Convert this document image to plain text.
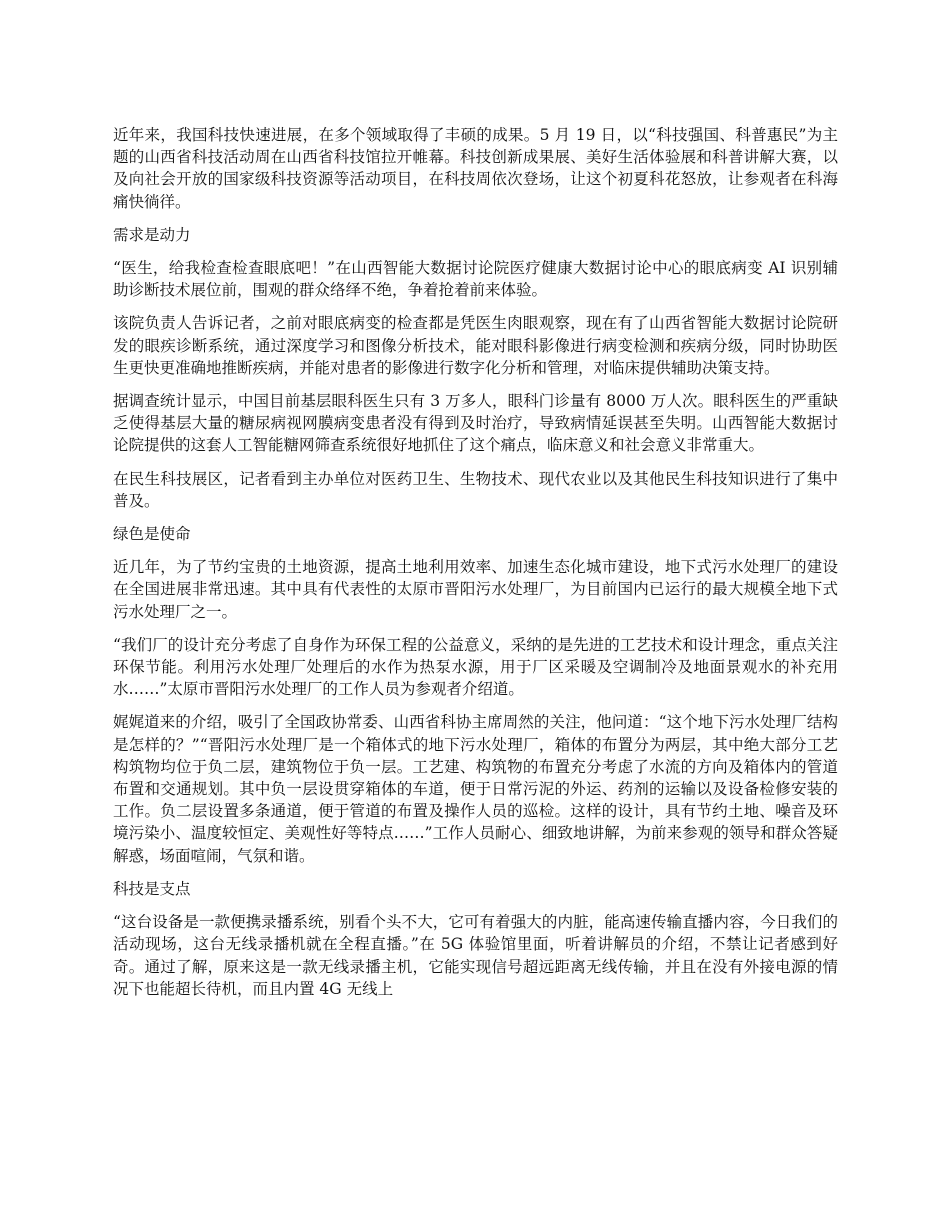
近年来，我国科技快速进展，在多个领域取得了丰硕的成果。5 月 19 日，以“科技强国、科普惠民”为主题的山西省科技活动周在山西省科技馆拉开帷幕。科技创新成果展、美好生活体验展和科普讲解大赛，以及向社会开放的国家级科技资源等活动项目，在科技周依次登场，让这个初夏科花怒放，让参观者在科海痛快徜徉。

需求是动力

“医生，给我检查检查眼底吧！”在山西智能大数据讨论院医疗健康大数据讨论中心的眼底病变 AI 识别辅助诊断技术展位前，围观的群众络绎不绝，争着抢着前来体验。

该院负责人告诉记者，之前对眼底病变的检查都是凭医生肉眼观察，现在有了山西省智能大数据讨论院研发的眼疾诊断系统，通过深度学习和图像分析技术，能对眼科影像进行病变检测和疾病分级，同时协助医生更快更准确地推断疾病，并能对患者的影像进行数字化分析和管理，对临床提供辅助决策支持。

据调查统计显示，中国目前基层眼科医生只有 3 万多人，眼科门诊量有 8000 万人次。眼科医生的严重缺乏使得基层大量的糖尿病视网膜病变患者没有得到及时治疗，导致病情延误甚至失明。山西智能大数据讨论院提供的这套人工智能糖网筛查系统很好地抓住了这个痛点，临床意义和社会意义非常重大。

在民生科技展区，记者看到主办单位对医药卫生、生物技术、现代农业以及其他民生科技知识进行了集中普及。

绿色是使命

近几年，为了节约宝贵的土地资源，提高土地利用效率、加速生态化城市建设，地下式污水处理厂的建设在全国进展非常迅速。其中具有代表性的太原市晋阳污水处理厂，为目前国内已运行的最大规模全地下式污水处理厂之一。

“我们厂的设计充分考虑了自身作为环保工程的公益意义，采纳的是先进的工艺技术和设计理念，重点关注环保节能。利用污水处理厂处理后的水作为热泵水源，用于厂区采暖及空调制冷及地面景观水的补充用水……”太原市晋阳污水处理厂的工作人员为参观者介绍道。

娓娓道来的介绍，吸引了全国政协常委、山西省科协主席周然的关注，他问道：“这个地下污水处理厂结构是怎样的？”“晋阳污水处理厂是一个箱体式的地下污水处理厂，箱体的布置分为两层，其中绝大部分工艺构筑物均位于负二层，建筑物位于负一层。工艺建、构筑物的布置充分考虑了水流的方向及箱体内的管道布置和交通规划。其中负一层设贯穿箱体的车道，便于日常污泥的外运、药剂的运输以及设备检修安装的工作。负二层设置多条通道，便于管道的布置及操作人员的巡检。这样的设计，具有节约土地、噪音及环境污染小、温度较恒定、美观性好等特点……”工作人员耐心、细致地讲解，为前来参观的领导和群众答疑解惑，场面喧闹，气氛和谐。

科技是支点

“这台设备是一款便携录播系统，别看个头不大，它可有着强大的内脏，能高速传输直播内容，今日我们的活动现场，这台无线录播机就在全程直播。”在 5G 体验馆里面，听着讲解员的介绍，不禁让记者感到好奇。通过了解，原来这是一款无线录播主机，它能实现信号超远距离无线传输，并且在没有外接电源的情况下也能超长待机，而且内置 4G 无线上
